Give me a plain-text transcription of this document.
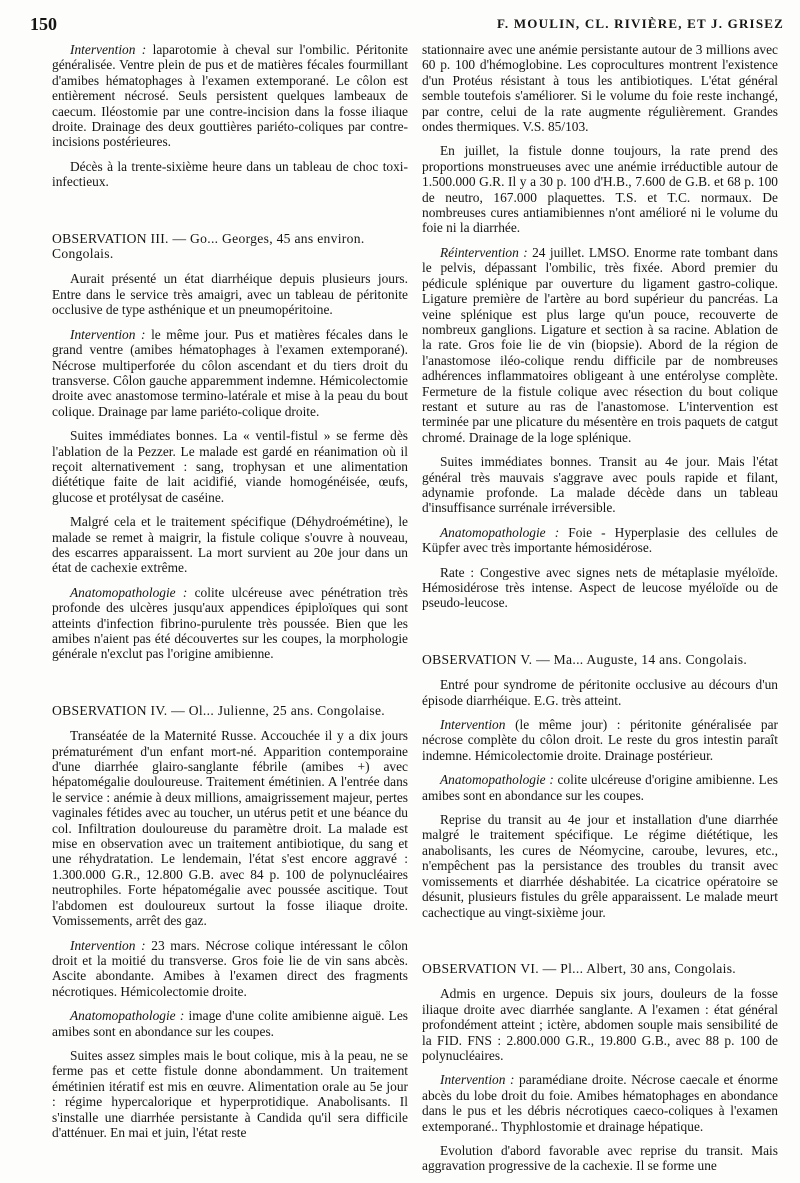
150	F. MOULIN, CL. RIVIÈRE, ET J. GRISEZ

Intervention : laparotomie à cheval sur l'ombilic. Péritonite généralisée. Ventre plein de pus et de matières fécales fourmillant d'amibes hématophages à l'examen extemporané. Le côlon est entièrement nécrosé. Seuls persistent quelques lambeaux de caecum. Iléostomie par une contre-incision dans la fosse iliaque droite. Drainage des deux gouttières pariéto-coliques par contre-incisions postérieures.

Décès à la trente-sixième heure dans un tableau de choc toxi-infectieux.

OBSERVATION III. — Go... Georges, 45 ans environ. Congolais.

Aurait présenté un état diarrhéique depuis plusieurs jours. Entre dans le service très amaigri, avec un tableau de péritonite occlusive de type asthénique et un pneumopéritoine.

Intervention : le même jour. Pus et matières fécales dans le grand ventre (amibes hématophages à l'examen extemporané). Nécrose multiperforée du côlon ascendant et du tiers droit du transverse. Côlon gauche apparemment indemne. Hémicolectomie droite avec anastomose termino-latérale et mise à la peau du bout colique. Drainage par lame pariéto-colique droite.

Suites immédiates bonnes. La « ventil-fistul » se ferme dès l'ablation de la Pezzer. Le malade est gardé en réanimation où il reçoit alternativement : sang, trophysan et une alimentation diététique faite de lait acidifié, viande homogénéisée, œufs, glucose et protélysat de caséine.

Malgré cela et le traitement spécifique (Déhydroémétine), le malade se remet à maigrir, la fistule colique s'ouvre à nouveau, des escarres apparaissent. La mort survient au 20e jour dans un état de cachexie extrême.

Anatomopathologie : colite ulcéreuse avec pénétration très profonde des ulcères jusqu'aux appendices épiploïques qui sont atteints d'infection fibrino-purulente très poussée. Bien que les amibes n'aient pas été découvertes sur les coupes, la morphologie générale n'exclut pas l'origine amibienne.

OBSERVATION IV. — Ol... Julienne, 25 ans. Congolaise.

Transéatée de la Maternité Russe. Accouchée il y a dix jours prématurément d'un enfant mort-né. Apparition contemporaine d'une diarrhée glairo-sanglante fébrile (amibes +) avec hépatomégalie douloureuse. Traitement émétinien. A l'entrée dans le service : anémie à deux millions, amaigrissement majeur, pertes vaginales fétides avec au toucher, un utérus petit et une béance du col. Infiltration douloureuse du paramètre droit. La malade est mise en observation avec un traitement antibiotique, du sang et une réhydratation. Le lendemain, l'état s'est encore aggravé : 1.300.000 G.R., 12.800 G.B. avec 84 p. 100 de polynucléaires neutrophiles. Forte hépatomégalie avec poussée ascitique. Tout l'abdomen est douloureux surtout la fosse iliaque droite. Vomissements, arrêt des gaz.

Intervention : 23 mars. Nécrose colique intéressant le côlon droit et la moitié du transverse. Gros foie lie de vin sans abcès. Ascite abondante. Amibes à l'examen direct des fragments nécrotiques. Hémicolectomie droite.

Anatomopathologie : image d'une colite amibienne aiguë. Les amibes sont en abondance sur les coupes.

Suites assez simples mais le bout colique, mis à la peau, ne se ferme pas et cette fistule donne abondamment. Un traitement émétinien itératif est mis en œuvre. Alimentation orale au 5e jour : régime hypercalorique et hyperprotidique. Anabolisants. Il s'installe une diarrhée persistante à Candida qu'il sera difficile d'atténuer. En mai et juin, l'état reste

stationnaire avec une anémie persistante autour de 3 millions avec 60 p. 100 d'hémoglobine. Les coprocultures montrent l'existence d'un Protéus résistant à tous les antibiotiques. L'état général semble toutefois s'améliorer. Si le volume du foie reste inchangé, par contre, celui de la rate augmente régulièrement. Grandes ondes thermiques. V.S. 85/103.

En juillet, la fistule donne toujours, la rate prend des proportions monstrueuses avec une anémie irréductible autour de 1.500.000 G.R. Il y a 30 p. 100 d'H.B., 7.600 de G.B. et 68 p. 100 de neutro, 167.000 plaquettes. T.S. et T.C. normaux. De nombreuses cures antiamibiennes n'ont amélioré ni le volume du foie ni la diarrhée.

Réintervention : 24 juillet. LMSO. Enorme rate tombant dans le pelvis, dépassant l'ombilic, très fixée. Abord premier du pédicule splénique par ouverture du ligament gastro-colique. Ligature première de l'artère au bord supérieur du pancréas. La veine splénique est plus large qu'un pouce, recouverte de nombreux ganglions. Ligature et section à sa racine. Ablation de la rate. Gros foie lie de vin (biopsie). Abord de la région de l'anastomose iléo-colique rendu difficile par de nombreuses adhérences inflammatoires obligeant à une entérolyse complète. Fermeture de la fistule colique avec résection du bout colique restant et suture au ras de l'anastomose. L'intervention est terminée par une plicature du mésentère en trois paquets de catgut chromé. Drainage de la loge splénique.

Suites immédiates bonnes. Transit au 4e jour. Mais l'état général très mauvais s'aggrave avec pouls rapide et filant, adynamie profonde. La malade décède dans un tableau d'insuffisance surrénale irréversible.

Anatomopathologie : Foie - Hyperplasie des cellules de Küpfer avec très importante hémosidérose.

Rate : Congestive avec signes nets de métaplasie myéloïde. Hémosidérose très intense. Aspect de leucose myéloïde ou de pseudo-leucose.

OBSERVATION V. — Ma... Auguste, 14 ans. Congolais.

Entré pour syndrome de péritonite occlusive au décours d'un épisode diarrhéique. E.G. très atteint.

Intervention (le même jour) : péritonite généralisée par nécrose complète du côlon droit. Le reste du gros intestin paraît indemne. Hémicolectomie droite. Drainage postérieur.

Anatomopathologie : colite ulcéreuse d'origine amibienne. Les amibes sont en abondance sur les coupes.

Reprise du transit au 4e jour et installation d'une diarrhée malgré le traitement spécifique. Le régime diététique, les anabolisants, les cures de Néomycine, caroube, levures, etc., n'empêchent pas la persistance des troubles du transit avec vomissements et diarrhée déshabitée. La cicatrice opératoire se désunit, plusieurs fistules du grêle apparaissent. Le malade meurt cachectique au vingt-sixième jour.

OBSERVATION VI. — Pl... Albert, 30 ans, Congolais.

Admis en urgence. Depuis six jours, douleurs de la fosse iliaque droite avec diarrhée sanglante. A l'examen : état général profondément atteint ; ictère, abdomen souple mais sensibilité de la FID. FNS : 2.800.000 G.R., 19.800 G.B., avec 88 p. 100 de polynucléaires.

Intervention : paramédiane droite. Nécrose caecale et énorme abcès du lobe droit du foie. Amibes hématophages en abondance dans le pus et les débris nécrotiques caeco-coliques à l'examen extemporané.. Thyphlostomie et drainage hépatique.

Evolution d'abord favorable avec reprise du transit. Mais aggravation progressive de la cachexie. Il se forme une
